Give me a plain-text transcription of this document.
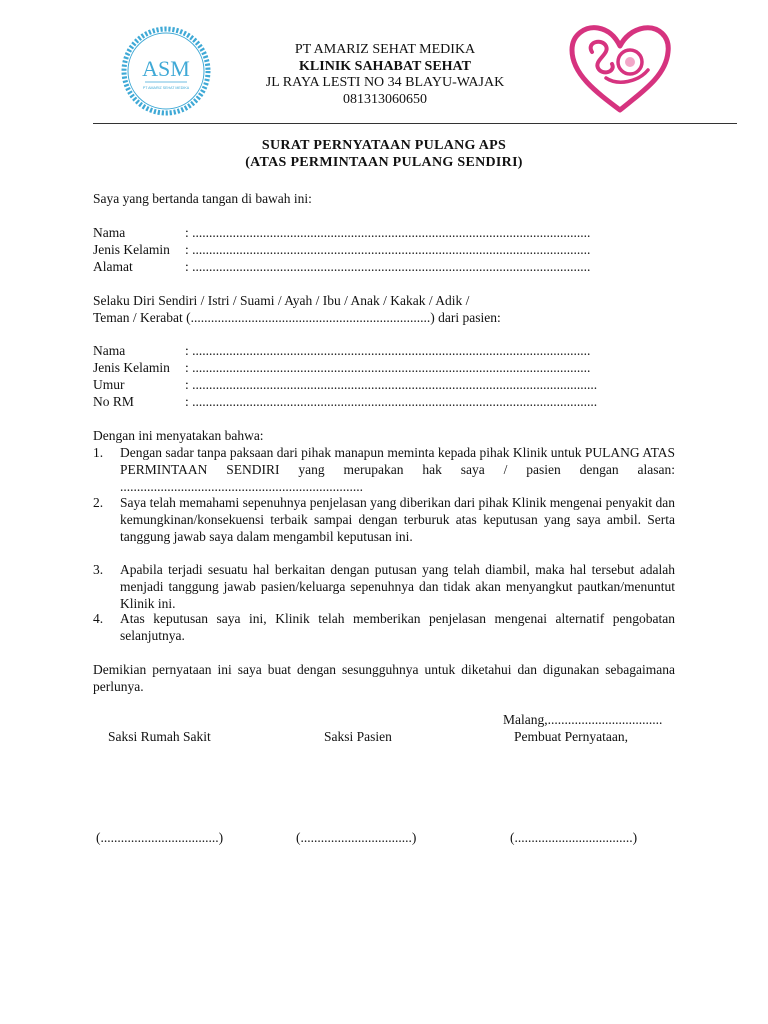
ASM
PT AMARIZ SEHAT MEDIKA
PT AMARIZ SEHAT MEDIKA
KLINIK SAHABAT SEHAT
JL RAYA LESTI NO 34 BLAYU-WAJAK
081313060650
SURAT PERNYATAAN PULANG APS
(ATAS PERMINTAAN PULANG SENDIRI)
Saya yang bertanda tangan di bawah ini:
Nama	: ......................................................................................................................
Jenis Kelamin : ......................................................................................................................
Alamat	: ......................................................................................................................
Selaku Diri Sendiri / Istri / Suami / Ayah / Ibu / Anak / Kakak / Adik /
Teman / Kerabat (.......................................................................) dari pasien:
Nama	: ......................................................................................................................
Jenis Kelamin : ......................................................................................................................
Umur	: ........................................................................................................................
No RM	: ........................................................................................................................
Dengan ini menyatakan bahwa:
1.	Dengan sadar tanpa paksaan dari pihak manapun meminta kepada pihak Klinik untuk PULANG ATAS PERMINTAAN SENDIRI yang merupakan hak saya / pasien dengan alasan: ........................................................................
2.	Saya telah memahami sepenuhnya penjelasan yang diberikan dari pihak Klinik mengenai penyakit dan kemungkinan/konsekuensi terbaik sampai dengan terburuk atas keputusan yang saya ambil. Serta tanggung jawab saya dalam mengambil keputusan ini.
3.	Apabila terjadi sesuatu hal berkaitan dengan putusan yang telah diambil, maka hal tersebut adalah menjadi tanggung jawab pasien/keluarga sepenuhnya dan tidak akan menyangkut pautkan/menuntut Klinik ini.
4.	Atas keputusan saya ini, Klinik telah memberikan penjelasan mengenai alternatif pengobatan selanjutnya.
Demikian pernyataan ini saya buat dengan sesungguhnya untuk diketahui dan digunakan sebagaimana perlunya.
Malang,..................................
Saksi Rumah Sakit	Saksi Pasien	Pembuat Pernyataan,
(...................................)	(.................................)	(...................................)
